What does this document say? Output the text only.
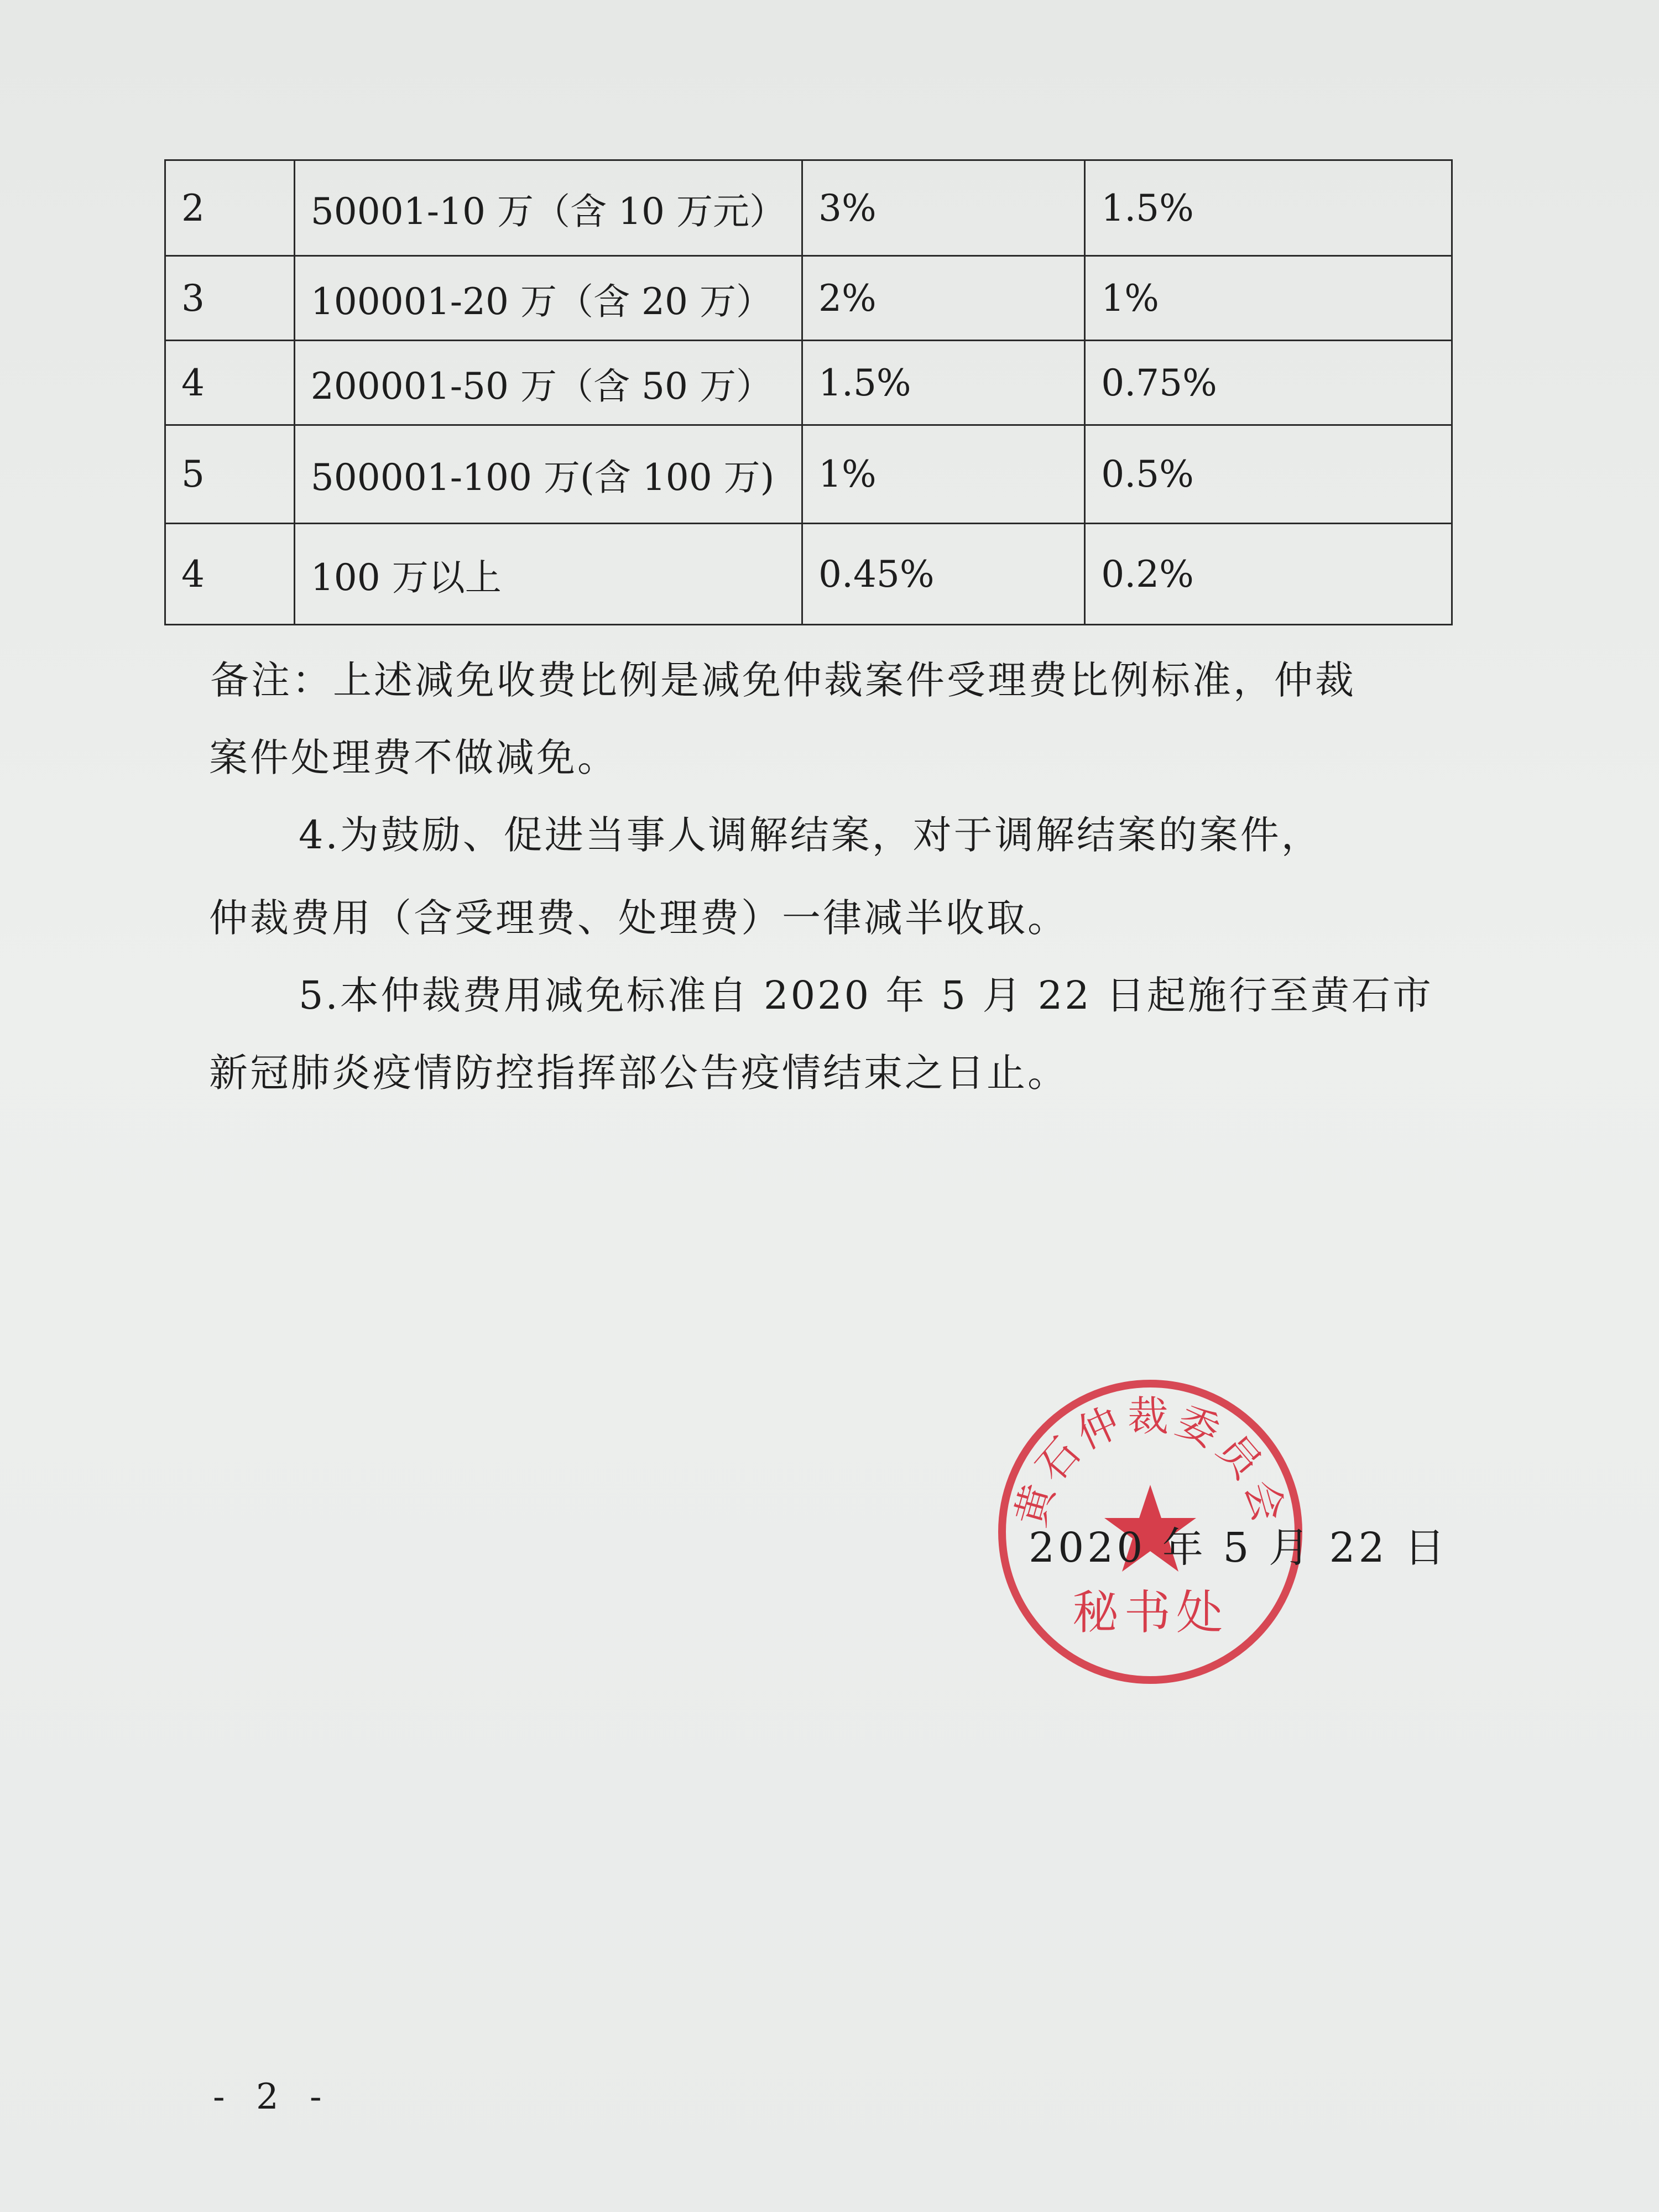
2	50001-10 万（含 10 万元）	3%	1.5%
3	100001-20 万（含 20 万）	2%	1%
4	200001-50 万（含 50 万）	1.5%	0.75%
5	500001-100 万(含 100 万)	1%	0.5%
4	100 万以上	0.45%	0.2%
备注：上述减免收费比例是减免仲裁案件受理费比例标准，仲裁
案件处理费不做减免。
4.为鼓励、促进当事人调解结案，对于调解结案的案件，
仲裁费用（含受理费、处理费）一律减半收取。
5.本仲裁费用减免标准自 2020 年 5 月 22 日起施行至黄石市
新冠肺炎疫情防控指挥部公告疫情结束之日止。
黄石仲裁委员会
秘书处
2020 年 5 月 22 日
- 2 -
